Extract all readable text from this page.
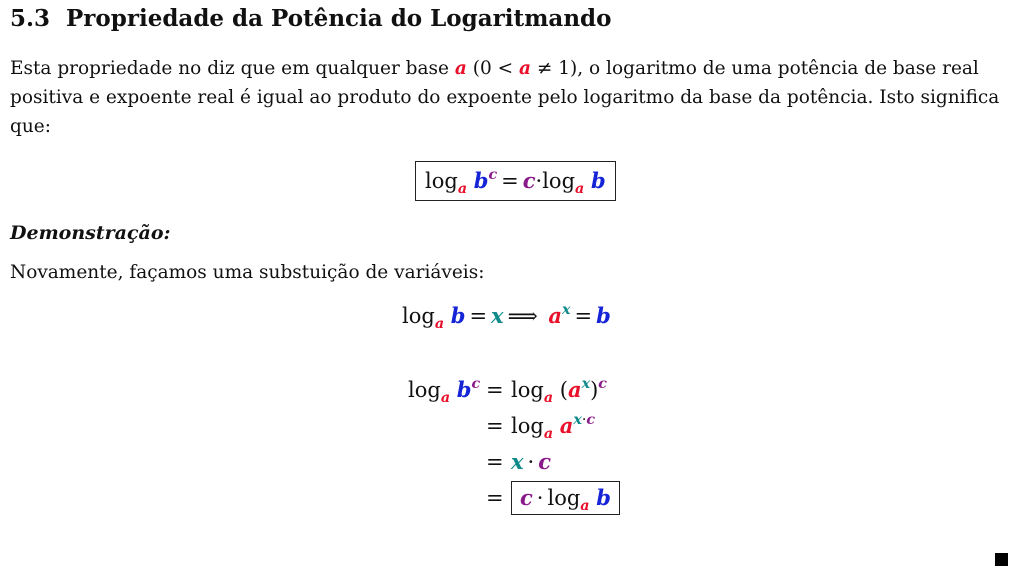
5.3 Propriedade da Potência do Logaritmando

Esta propriedade no diz que em qualquer base a (0 < a ≠ 1), o logaritmo de uma potência de base real positiva e expoente real é igual ao produto do expoente pelo logaritmo da base da potência. Isto significa que:

$\log_a b^c = c\cdot\log_a$ b
Demonstração:

Novamente, façamos uma substuição de variáveis:

$\log_a b = x$ ⟹ $a^x = b$
$\log_a b^c = \log_a (a^x)^c$
= $\log_a a^{x\cdot c}$
= x · c
= $c \cdot \log_a b$
